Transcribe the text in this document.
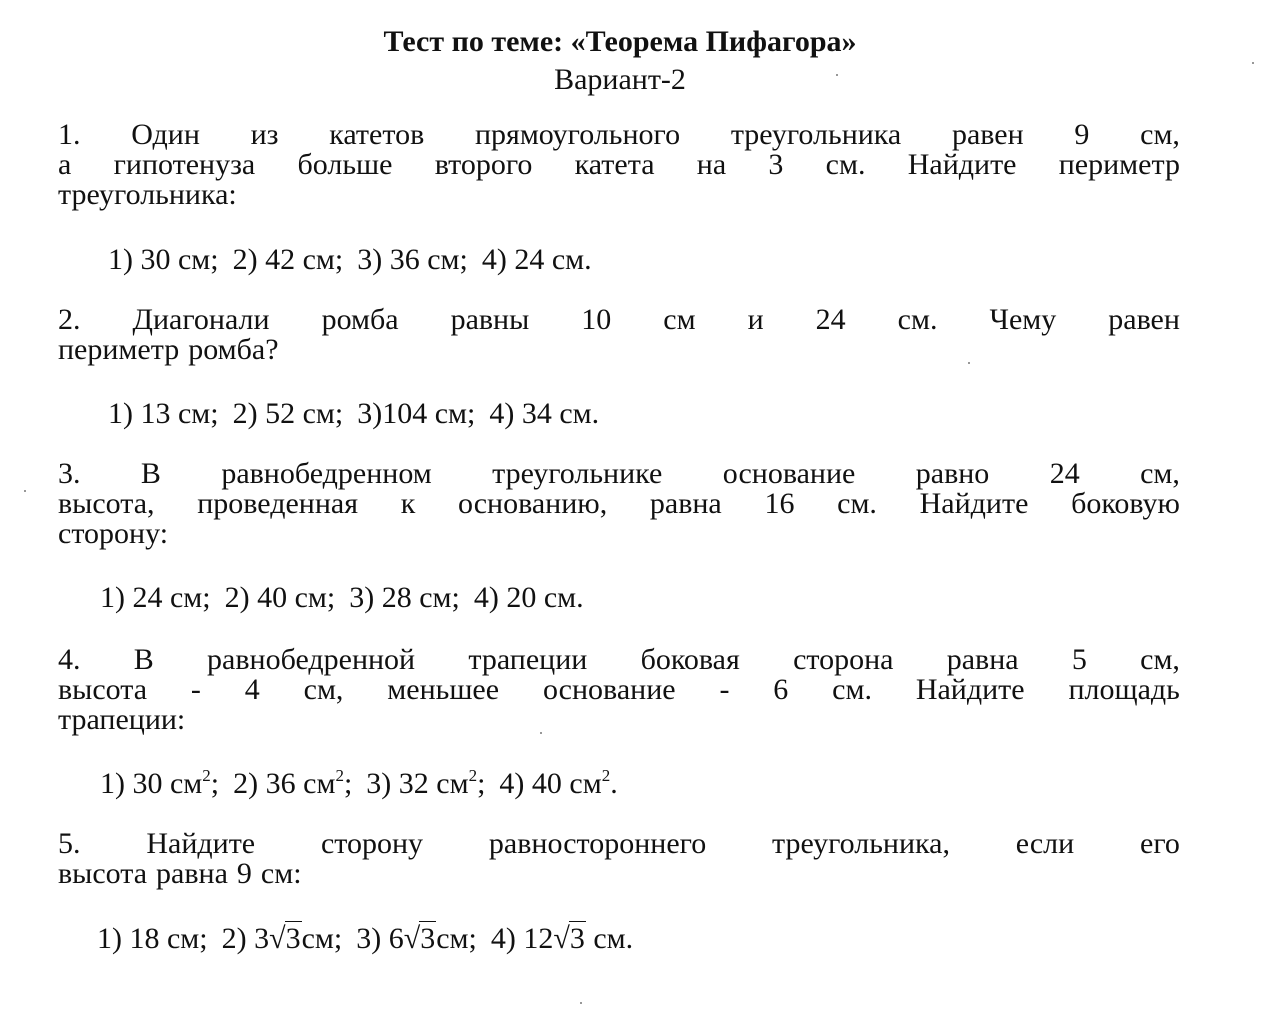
Тест по теме: «Теорема Пифагора»
Вариант-2
1. Один из катетов прямоугольного треугольника равен 9 см,
а гипотенуза больше второго катета на 3 см. Найдите периметр
треугольника:
1) 30 см; 2) 42 см; 3) 36 см; 4) 24 см.
2. Диагонали ромба равны 10 см и 24 см. Чему равен
периметр ромба?
1) 13 см; 2) 52 см; 3)104 см; 4) 34 см.
3. В равнобедренном треугольнике основание равно 24 см,
высота, проведенная к основанию, равна 16 см. Найдите боковую
сторону:
1) 24 см; 2) 40 см; 3) 28 см; 4) 20 см.
4. В равнобедренной трапеции боковая сторона равна 5 см,
высота - 4 см, меньшее основание - 6 см. Найдите площадь
трапеции:
1) 30 $см^2$; 2) 36 $см^2$; 3) 32 $см^2$; 4) 40 $см^2$.
5. Найдите сторону равностороннего треугольника, если его
высота равна 9 см:
1) 18 см; 2) 3√3см; 3) 6√3см; 4) 12√3 см.
